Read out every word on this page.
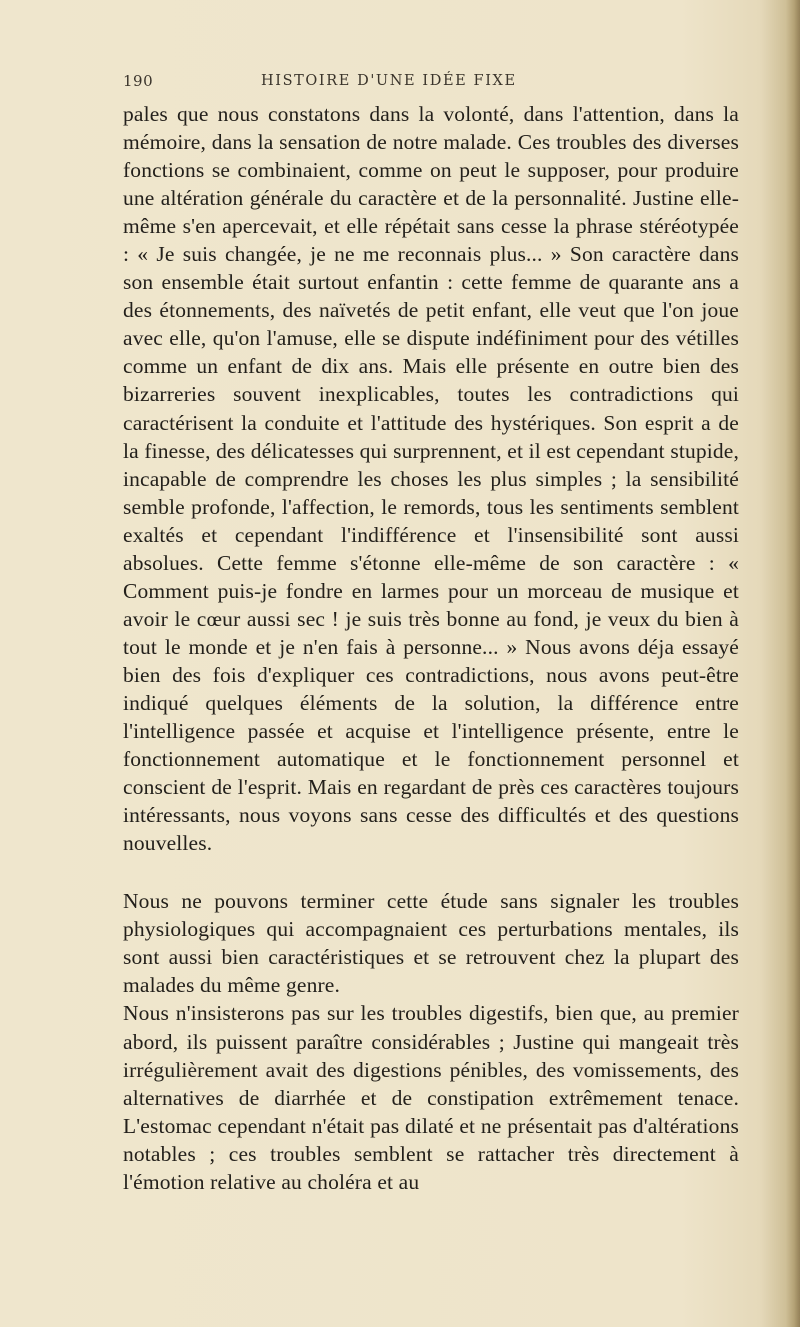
190	HISTOIRE D'UNE IDÉE FIXE

pales que nous constatons dans la volonté, dans l'attention, dans la mémoire, dans la sensation de notre malade. Ces troubles des diverses fonctions se combinaient, comme on peut le supposer, pour produire une altération générale du caractère et de la personnalité. Justine elle-même s'en apercevait, et elle répétait sans cesse la phrase stéréotypée : « Je suis changée, je ne me reconnais plus... » Son caractère dans son ensemble était surtout enfantin : cette femme de quarante ans a des étonnements, des naïvetés de petit enfant, elle veut que l'on joue avec elle, qu'on l'amuse, elle se dispute indéfiniment pour des vétilles comme un enfant de dix ans. Mais elle présente en outre bien des bizarreries souvent inexplicables, toutes les contradictions qui caractérisent la conduite et l'attitude des hystériques. Son esprit a de la finesse, des délicatesses qui surprennent, et il est cependant stupide, incapable de comprendre les choses les plus simples ; la sensibilité semble profonde, l'affection, le remords, tous les sentiments semblent exaltés et cependant l'indifférence et l'insensibilité sont aussi absolues. Cette femme s'étonne elle-même de son caractère : « Comment puis-je fondre en larmes pour un morceau de musique et avoir le cœur aussi sec ! je suis très bonne au fond, je veux du bien à tout le monde et je n'en fais à personne... » Nous avons déja essayé bien des fois d'expliquer ces contradictions, nous avons peut-être indiqué quelques éléments de la solution, la différence entre l'intelligence passée et acquise et l'intelligence présente, entre le fonctionnement automatique et le fonctionnement personnel et conscient de l'esprit. Mais en regardant de près ces caractères toujours intéressants, nous voyons sans cesse des difficultés et des questions nouvelles.

Nous ne pouvons terminer cette étude sans signaler les troubles physiologiques qui accompagnaient ces perturbations mentales, ils sont aussi bien caractéristiques et se retrouvent chez la plupart des malades du même genre.

Nous n'insisterons pas sur les troubles digestifs, bien que, au premier abord, ils puissent paraître considérables ; Justine qui mangeait très irrégulièrement avait des digestions pénibles, des vomissements, des alternatives de diarrhée et de constipation extrêmement tenace. L'estomac cependant n'était pas dilaté et ne présentait pas d'altérations notables ; ces troubles semblent se rattacher très directement à l'émotion relative au choléra et au
